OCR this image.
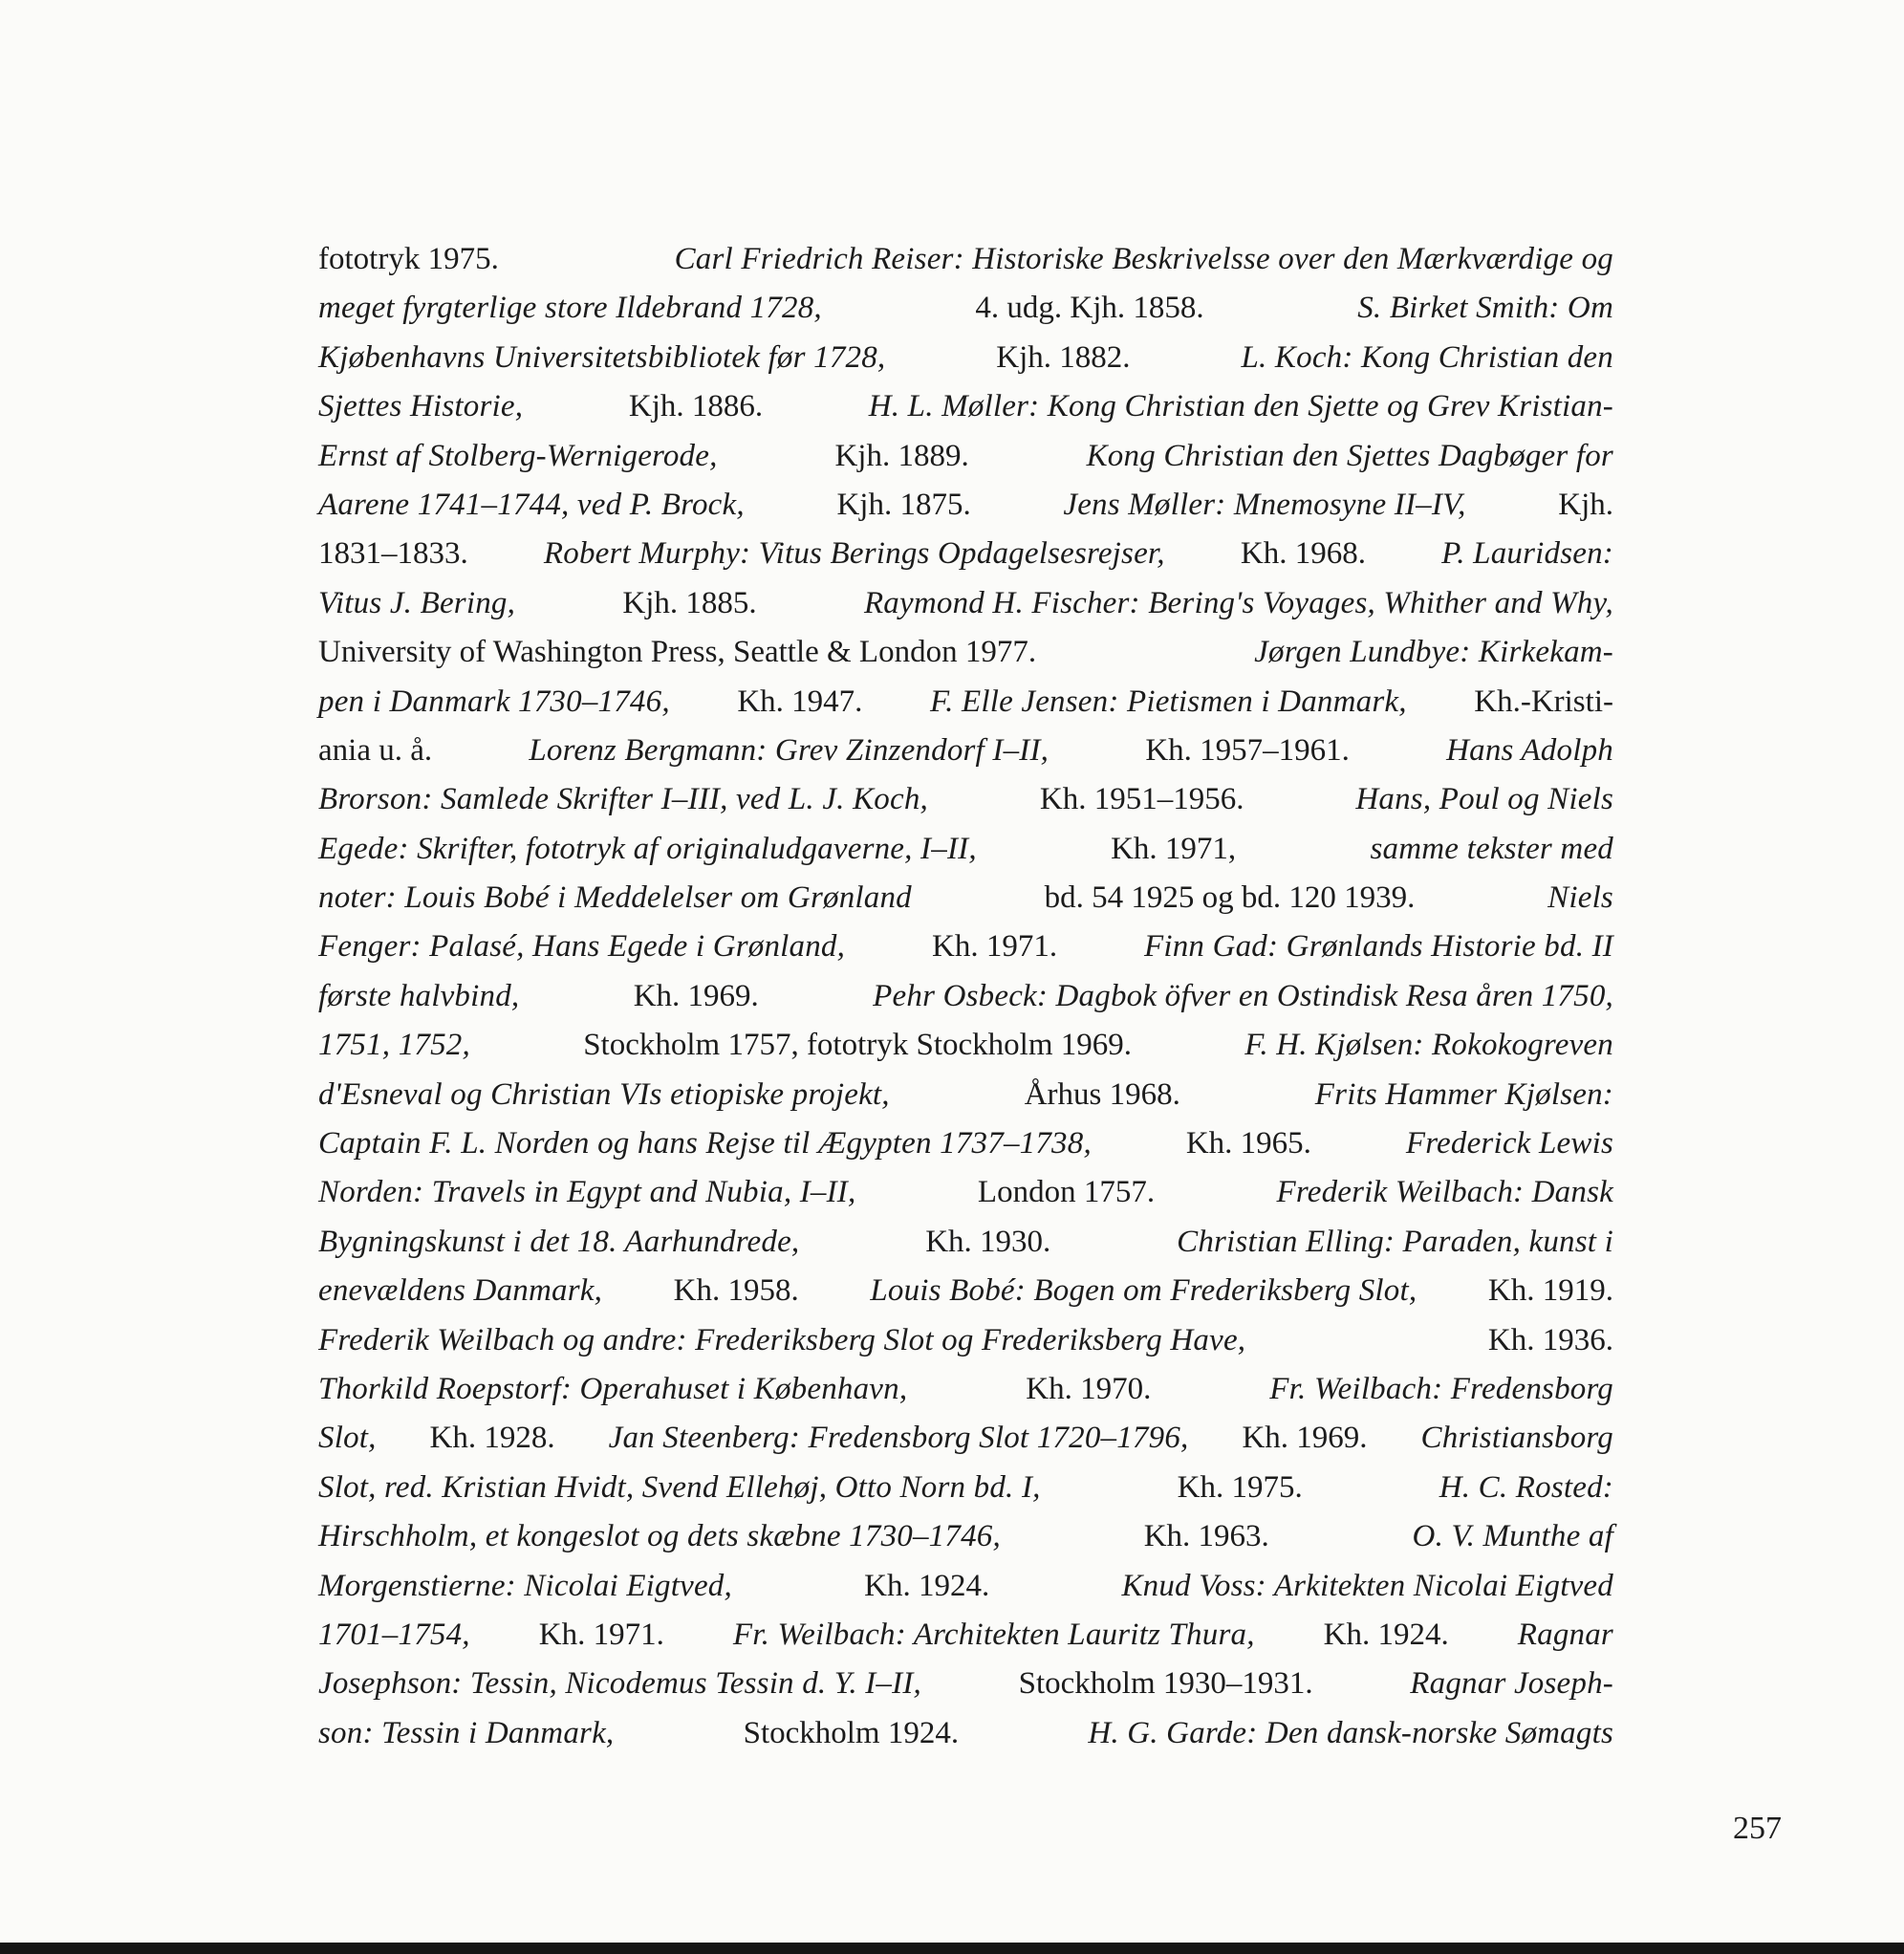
fototryk 1975.	Carl Friedrich Reiser: Historiske Beskrivelsse over den Mærkværdige og
meget fyrgterlige store Ildebrand 1728,	4. udg. Kjh. 1858.	S. Birket Smith: Om
Kjøbenhavns Universitetsbibliotek før 1728,	Kjh. 1882.	L. Koch: Kong Christian den
Sjettes Historie,	Kjh. 1886.	H. L. Møller: Kong Christian den Sjette og Grev Kristian-
Ernst af Stolberg-Wernigerode,	Kjh. 1889.	Kong Christian den Sjettes Dagbøger for
Aarene 1741–1744, ved P. Brock,	Kjh. 1875.	Jens Møller: Mnemosyne II–IV,	Kjh.
1831–1833. Robert Murphy: Vitus Berings Opdagelsesrejser, Kh. 1968. P. Lauridsen:
Vitus J. Bering,	Kjh. 1885.	Raymond H. Fischer: Bering's Voyages, Whither and Why,
University of Washington Press, Seattle & London 1977.	Jørgen Lundbye: Kirkekam-
pen i Danmark 1730–1746, Kh. 1947. F. Elle Jensen: Pietismen i Danmark, Kh.-Kristi-
ania u. å.	Lorenz Bergmann: Grev Zinzendorf I–II,	Kh. 1957–1961.	Hans Adolph
Brorson: Samlede Skrifter I–III, ved L. J. Koch,	Kh. 1951–1956.	Hans, Poul og Niels
Egede: Skrifter, fototryk af originaludgaverne, I–II,	Kh. 1971,	samme tekster med
noter: Louis Bobé i Meddelelser om Grønland	bd. 54 1925 og bd. 120 1939.	Niels
Fenger: Palasé, Hans Egede i Grønland,	Kh. 1971.	Finn Gad: Grønlands Historie bd. II
første halvbind,	Kh. 1969.	Pehr Osbeck: Dagbok öfver en Ostindisk Resa åren 1750,
1751, 1752,	Stockholm 1757, fototryk Stockholm 1969.	F. H. Kjølsen: Rokokogreven
d'Esneval og Christian VIs etiopiske projekt,	Århus 1968.	Frits Hammer Kjølsen:
Captain F. L. Norden og hans Rejse til Ægypten 1737–1738,	Kh. 1965.	Frederick Lewis
Norden: Travels in Egypt and Nubia, I–II,	London 1757.	Frederik Weilbach: Dansk
Bygningskunst i det 18. Aarhundrede,	Kh. 1930.	Christian Elling: Paraden, kunst i
enevældens Danmark, Kh. 1958. Louis Bobé: Bogen om Frederiksberg Slot, Kh. 1919.
Frederik Weilbach og andre: Frederiksberg Slot og Frederiksberg Have,	Kh. 1936.
Thorkild Roepstorf: Operahuset i København,	Kh. 1970.	Fr. Weilbach: Fredensborg
Slot, Kh. 1928. Jan Steenberg: Fredensborg Slot 1720–1796, Kh. 1969. Christiansborg
Slot, red. Kristian Hvidt, Svend Ellehøj, Otto Norn bd. I,	Kh. 1975.	H. C. Rosted:
Hirschholm, et kongeslot og dets skæbne 1730–1746,	Kh. 1963.	O. V. Munthe af
Morgenstierne: Nicolai Eigtved,	Kh. 1924.	Knud Voss: Arkitekten Nicolai Eigtved
1701–1754, Kh. 1971. Fr. Weilbach: Architekten Lauritz Thura, Kh. 1924. Ragnar
Josephson: Tessin, Nicodemus Tessin d. Y. I–II,	Stockholm 1930–1931.	Ragnar Joseph-
son: Tessin i Danmark,	Stockholm 1924.	H. G. Garde: Den dansk-norske Sømagts
257
